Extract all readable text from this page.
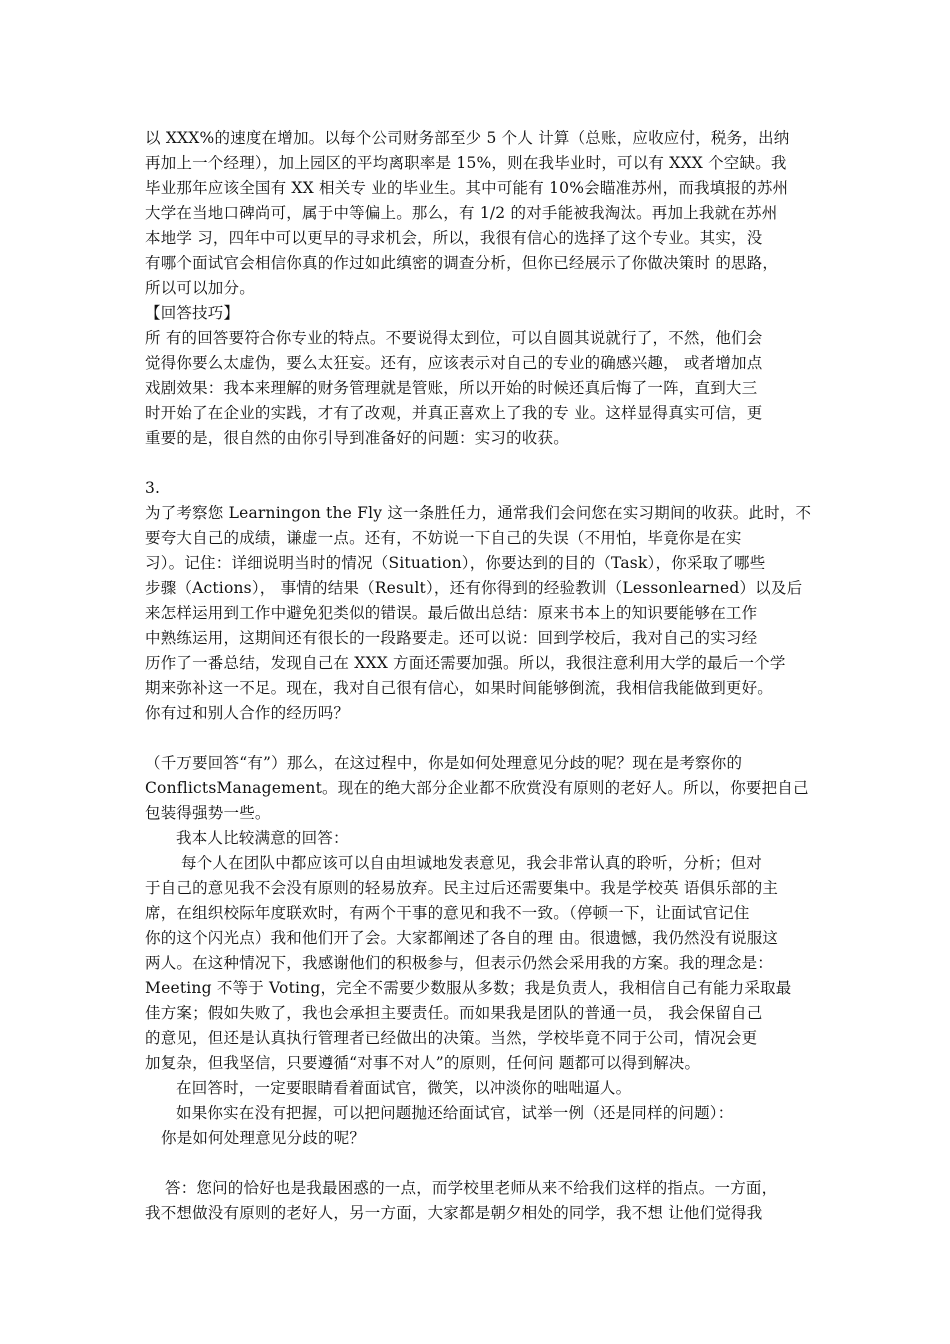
以 XXX%的速度在增加。以每个公司财务部至少 5 个人 计算（总账，应收应付，税务，出纳
再加上一个经理），加上园区的平均离职率是 15%，则在我毕业时，可以有 XXX 个空缺。我
毕业那年应该全国有 XX 相关专 业的毕业生。其中可能有 10%会瞄准苏州，而我填报的苏州
大学在当地口碑尚可，属于中等偏上。那么，有 1/2 的对手能被我淘汰。再加上我就在苏州
本地学 习，四年中可以更早的寻求机会，所以，我很有信心的选择了这个专业。其实，没
有哪个面试官会相信你真的作过如此缜密的调查分析，但你已经展示了你做决策时 的思路，
所以可以加分。
【回答技巧】
所 有的回答要符合你专业的特点。不要说得太到位，可以自圆其说就行了，不然，他们会
觉得你要么太虚伪，要么太狂妄。还有，应该表示对自己的专业的确感兴趣， 或者增加点
戏剧效果：我本来理解的财务管理就是管账，所以开始的时候还真后悔了一阵，直到大三
时开始了在企业的实践，才有了改观，并真正喜欢上了我的专 业。这样显得真实可信，更
重要的是，很自然的由你引导到准备好的问题：实习的收获。
3.
为了考察您 Learningon the Fly 这一条胜任力，通常我们会问您在实习期间的收获。此时，不
要夸大自己的成绩，谦虚一点。还有，不妨说一下自己的失误（不用怕，毕竟你是在实
习）。记住：详细说明当时的情况（Situation），你要达到的目的（Task），你采取了哪些
步骤（Actions）， 事情的结果（Result），还有你得到的经验教训（Lessonlearned）以及后
来怎样运用到工作中避免犯类似的错误。最后做出总结：原来书本上的知识要能够在工作
中熟练运用，这期间还有很长的一段路要走。还可以说：回到学校后，我对自己的实习经
历作了一番总结，发现自己在 XXX 方面还需要加强。所以，我很注意利用大学的最后一个学
期来弥补这一不足。现在，我对自己很有信心，如果时间能够倒流，我相信我能做到更好。
你有过和别人合作的经历吗？
（千万要回答“有”）那么，在这过程中，你是如何处理意见分歧的呢？现在是考察你的
ConflictsManagement。现在的绝大部分企业都不欣赏没有原则的老好人。所以，你要把自己
包装得强势一些。
我本人比较满意的回答：
每个人在团队中都应该可以自由坦诚地发表意见，我会非常认真的聆听，分析；但对
于自己的意见我不会没有原则的轻易放弃。民主过后还需要集中。我是学校英 语俱乐部的主
席，在组织校际年度联欢时，有两个干事的意见和我不一致。（停顿一下，让面试官记住
你的这个闪光点）我和他们开了会。大家都阐述了各自的理 由。很遗憾，我仍然没有说服这
两人。在这种情况下，我感谢他们的积极参与，但表示仍然会采用我的方案。我的理念是：
Meeting 不等于 Voting，完全不需要少数服从多数；我是负责人，我相信自己有能力采取最
佳方案；假如失败了，我也会承担主要责任。而如果我是团队的普通一员， 我会保留自己
的意见，但还是认真执行管理者已经做出的决策。当然，学校毕竟不同于公司，情况会更
加复杂，但我坚信，只要遵循“对事不对人”的原则，任何问 题都可以得到解决。
在回答时，一定要眼睛看着面试官，微笑，以冲淡你的咄咄逼人。
如果你实在没有把握，可以把问题抛还给面试官，试举一例（还是同样的问题）：
你是如何处理意见分歧的呢？
答：您问的恰好也是我最困惑的一点，而学校里老师从来不给我们这样的指点。一方面，
我不想做没有原则的老好人，另一方面，大家都是朝夕相处的同学，我不想 让他们觉得我
